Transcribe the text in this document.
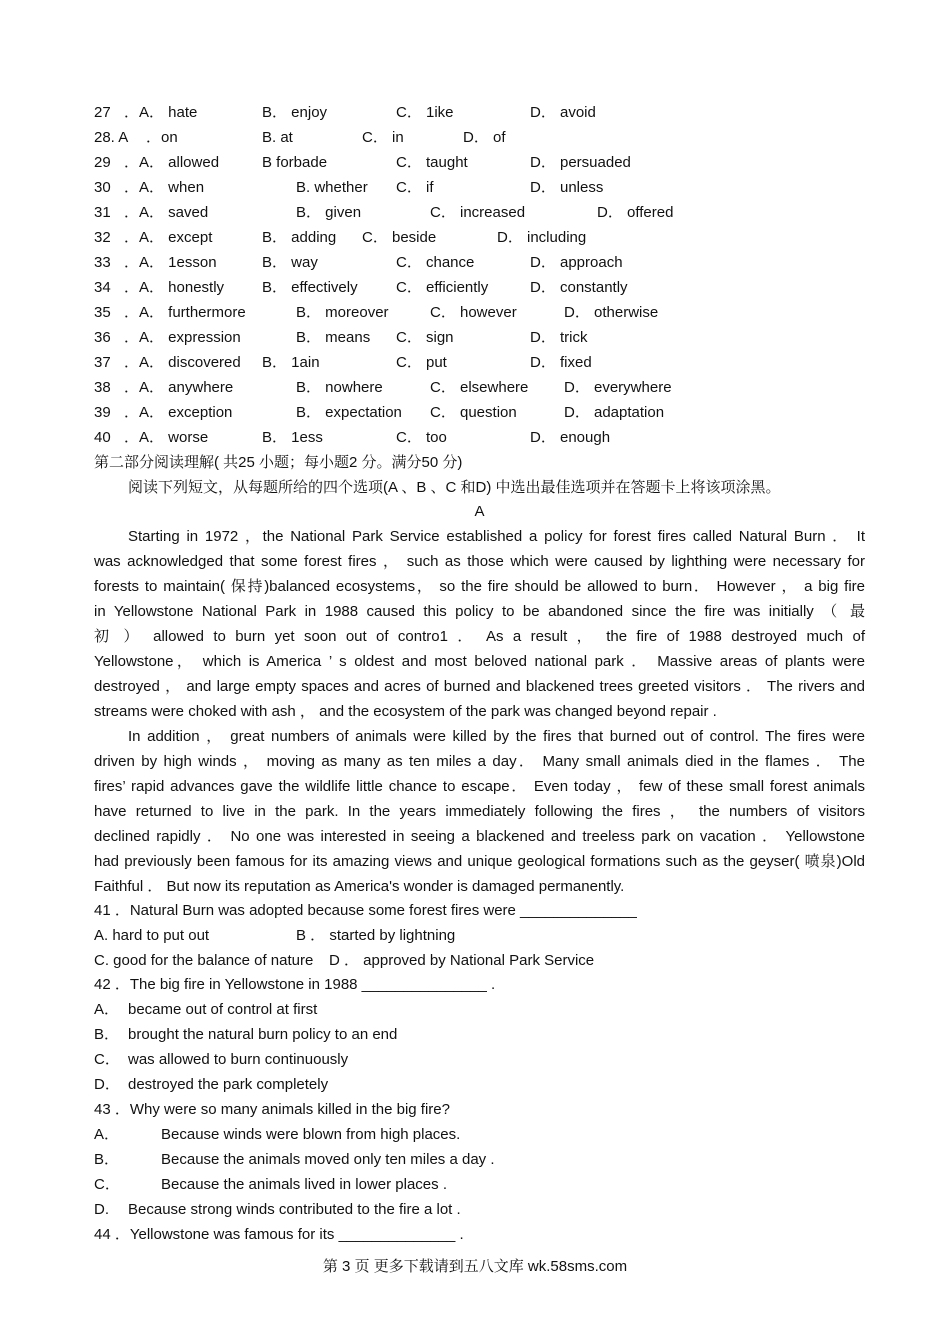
27 ．A． hate	B． enjoy	C． 1ike	D． avoid
28. A ．on	B. at	C． in	D． of
29 ．A． allowed	B forbade	C． taught	D． persuaded
30 ．A． when	B. whether C． if	D． unless
31 ．A． saved	B． given	C． increased	D． offered
32 ．A． except	B． adding C． beside	D． including
33 ．A． 1esson	B． way	C． chance	D． approach
34 ．A． honestly	B． effectively	C． efficiently	D． constantly
35 ．A． furthermore	B． moreover	C． however	D． otherwise
36 ．A． expression	B． means C． sign	D． trick
37 ．A． discovered B． 1ain	C． put	D． fixed
38 ．A． anywhere	B． nowhere	C． elsewhere D． everywhere
39 ．A． exception	B． expectation C． question	D． adaptation
40 ．A． worse	B． 1ess	C． too	D． enough
第二部分阅读理解( 共25 小题；每小题2 分。满分50 分)
阅读下列短文，从每题所给的四个选项(A 、B 、C 和D) 中选出最佳选项并在答题卡上将该项涂黑。
A
Starting in 1972 ，the National Park Service established a policy for forest fires called Natural Burn ． It
was acknowledged that some forest fires ， such as those which were caused by lighthing were necessary for
forests to maintain( 保持)balanced ecosystems， so the fire should be allowed to burn． However ， a big fire
in Yellowstone National Park in 1988 caused this policy to be abandoned since the fire was initially （ 最
初 ） allowed to burn yet soon out of contro1 ． As a result ， the fire of 1988 destroyed much of
Yellowstone， which is America ’ s oldest and most beloved national park ． Massive areas of plants were
destroyed ， and large empty spaces and acres of burned and blackened trees greeted visitors ． The rivers and
streams were choked with ash ， and the ecosystem of the park was changed beyond repair .
In addition ， great numbers of animals were killed by the fires that burned out of control. The fires were
driven by high winds ， moving as many as ten miles a day． Many small animals died in the flames ． The
fires’ rapid advances gave the wildlife little chance to escape． Even today ， few of these small forest animals
have returned to live in the park. In the years immediately following the fires ， the numbers of visitors
declined rapidly ． No one was interested in seeing a blackened and treeless park on vacation ． Yellowstone
had previously been famous for its amazing views and unique geological formations such as the geyser( 喷泉)Old
Faithful ． But now its reputation as America's wonder is damaged permanently.
41 ．Natural Burn was adopted because some forest fires were ______________
A. hard to put out	B ． started by lightning
C. good for the balance of nature D ． approved by National Park Service
42 ．The big fire in Yellowstone in 1988 _______________ .
A． became out of control at first
B． brought the natural burn policy to an end
C． was allowed to burn continuously
D． destroyed the park completely
43 ．Why were so many animals killed in the big fire?
A．	Because winds were blown from high places.
B．	Because the animals moved only ten miles a day .
C．	Because the animals lived in lower places .
D. Because strong winds contributed to the fire a lot .
44 ．Yellowstone was famous for its ______________ .
第 3 页 更多下载请到五八文库 wk.58sms.com
